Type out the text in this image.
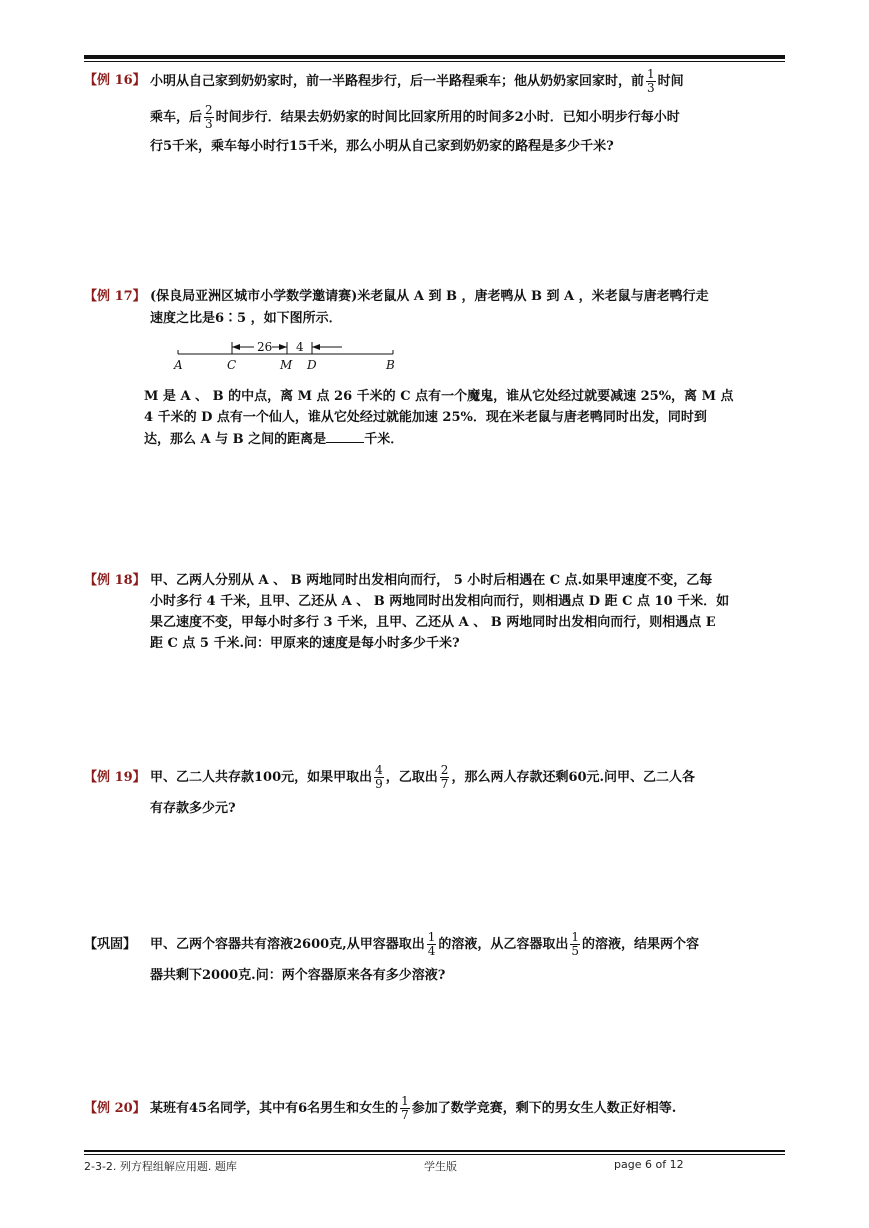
【例 16】 小明从自己家到奶奶家时，前一半路程步行，后一半路程乘车；他从奶奶家回家时，前 $\frac{1}{3}$ 时间
乘车，后 $\frac{2}{3}$ 时间步行．结果去奶奶家的时间比回家所用的时间多2小时．已知小明步行每小时
行5千米，乘车每小时行15千米，那么小明从自己家到奶奶家的路程是多少千米?
【例 17】 (保良局亚洲区城市小学数学邀请赛)米老鼠从 A 到 B ，唐老鸭从 B 到 A ，米老鼠与唐老鸭行走
速度之比是6∶5 ，如下图所示．
26 4
A	C	M D	B
M 是 A 、 B 的中点，离 M 点 26 千米的 C 点有一个魔鬼，谁从它处经过就要减速 25%，离 M 点
4 千米的 D 点有一个仙人，谁从它处经过就能加速 25%．现在米老鼠与唐老鸭同时出发，同时到
达，那么 A 与 B 之间的距离是	千米．
【例 18】 甲、乙两人分别从 A 、 B 两地同时出发相向而行， 5 小时后相遇在 C 点.如果甲速度不变，乙每
小时多行 4 千米，且甲、乙还从 A 、 B 两地同时出发相向而行，则相遇点 D 距 C 点 10 千米．如
果乙速度不变，甲每小时多行 3 千米，且甲、乙还从 A 、 B 两地同时出发相向而行，则相遇点 E
距 C 点 5 千米.问：甲原来的速度是每小时多少千米?
【例 19】 甲、乙二人共存款100元，如果甲取出 $\frac{4}{9}$ ，乙取出 $\frac{2}{7}$ ，那么两人存款还剩60元.问甲、乙二人各
有存款多少元?
【巩固】 甲、乙两个容器共有溶液2600克,从甲容器取出 $\frac{1}{4}$ 的溶液，从乙容器取出 $\frac{1}{5}$ 的溶液，结果两个容
器共剩下2000克.问：两个容器原来各有多少溶液?
【例 20】 某班有45名同学，其中有6名男生和女生的 $\frac{1}{7}$ 参加了数学竞赛，剩下的男女生人数正好相等.
2-3-2. 列方程组解应用题. 题库	学生版	page 6 of 12
